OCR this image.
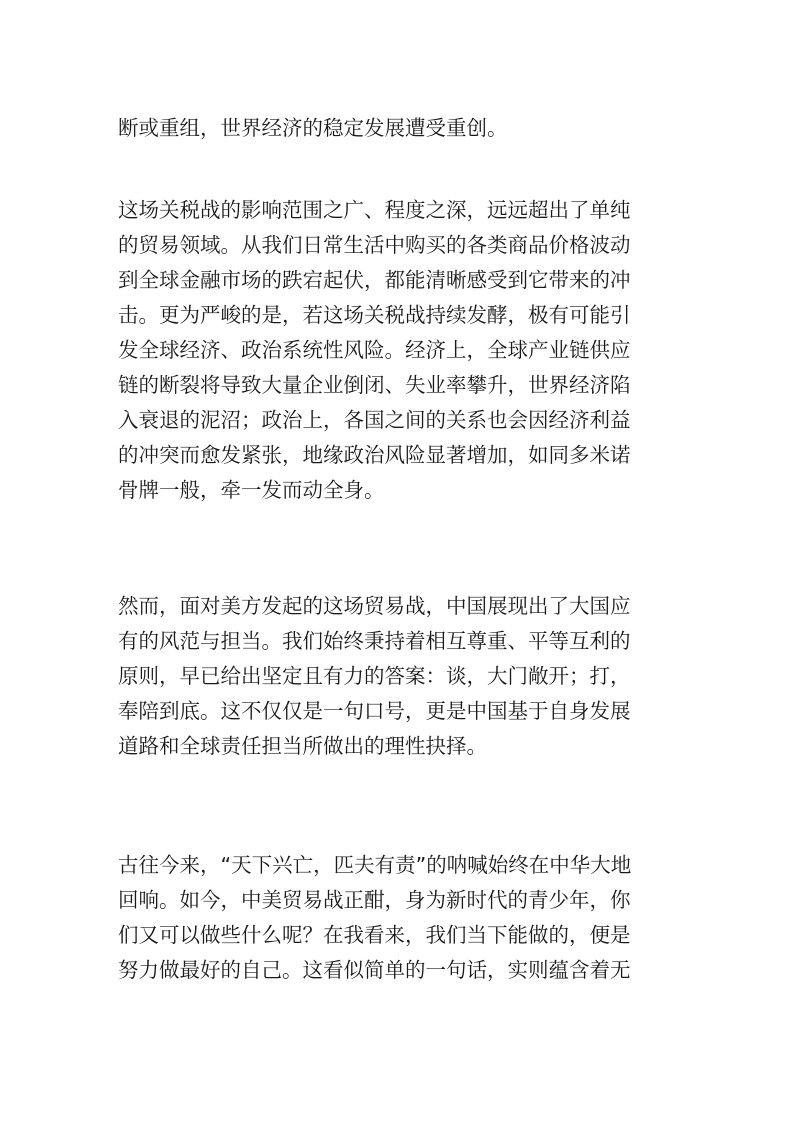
断或重组，世界经济的稳定发展遭受重创。
这场关税战的影响范围之广、程度之深，远远超出了单纯
的贸易领域。从我们日常生活中购买的各类商品价格波动
到全球金融市场的跌宕起伏，都能清晰感受到它带来的冲
击。更为严峻的是，若这场关税战持续发酵，极有可能引
发全球经济、政治系统性风险。经济上，全球产业链供应
链的断裂将导致大量企业倒闭、失业率攀升，世界经济陷
入衰退的泥沼；政治上，各国之间的关系也会因经济利益
的冲突而愈发紧张，地缘政治风险显著增加，如同多米诺
骨牌一般，牵一发而动全身。
然而，面对美方发起的这场贸易战，中国展现出了大国应
有的风范与担当。我们始终秉持着相互尊重、平等互利的
原则，早已给出坚定且有力的答案：谈，大门敞开；打，
奉陪到底。这不仅仅是一句口号，更是中国基于自身发展
道路和全球责任担当所做出的理性抉择。
古往今来，“天下兴亡，匹夫有责”的呐喊始终在中华大地
回响。如今，中美贸易战正酣，身为新时代的青少年，你
们又可以做些什么呢？在我看来，我们当下能做的，便是
努力做最好的自己。这看似简单的一句话，实则蕴含着无
